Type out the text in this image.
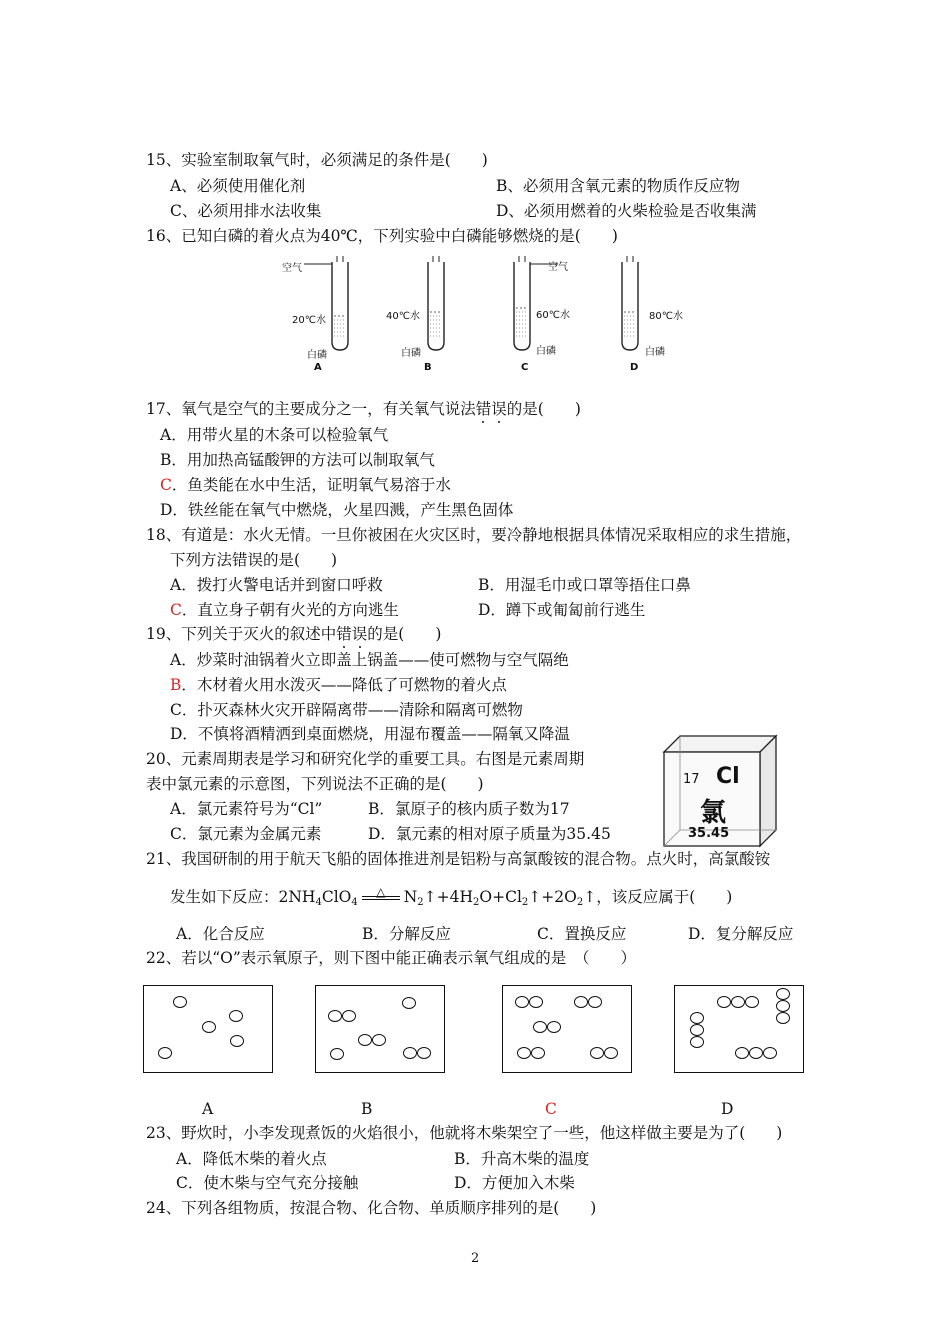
15、实验室制取氧气时，必须满足的条件是(　　)
A、必须使用催化剂	B、必须用含氧元素的物质作反应物
C、必须用排水法收集	D、必须用燃着的火柴检验是否收集满
16、已知白磷的着火点为40℃，下列实验中白磷能够燃烧的是(　　)
空气
20℃水
白磷
A
40℃水
白磷
B
空气
60℃水
白磷
C
80℃水
白磷
D
17、氧气是空气的主要成分之一，有关氧气说法错误的是(　　)
A．用带火星的木条可以检验氧气
B．用加热高锰酸钾的方法可以制取氧气
C．鱼类能在水中生活，证明氧气易溶于水
D．铁丝能在氧气中燃烧，火星四溅，产生黑色固体
18、有道是：水火无情。一旦你被困在火灾区时，要冷静地根据具体情况采取相应的求生措施，
下列方法错误的是(　　)
A．拨打火警电话并到窗口呼救	B．用湿毛巾或口罩等捂住口鼻
C．直立身子朝有火光的方向逃生	D．蹲下或匍匐前行逃生
19、下列关于灭火的叙述中错误的是(　　)
A．炒菜时油锅着火立即盖上锅盖——使可燃物与空气隔绝
B．木材着火用水泼灭——降低了可燃物的着火点
C．扑灭森林火灾开辟隔离带——清除和隔离可燃物
D．不慎将酒精洒到桌面燃烧，用湿布覆盖——隔氧又降温
20、元素周期表是学习和研究化学的重要工具。右图是元素周期
表中氯元素的示意图，下列说法不正确的是(　　)
A．氯元素符号为“Cl”	B．氯原子的核内质子数为17
C．氯元素为金属元素	D．氯元素的相对原子质量为35.45
17 Cl
氯
35.45
21、我国研制的用于航天飞船的固体推进剂是铝粉与高氯酸铵的混合物。点火时，高氯酸铵
发生如下反应：$2NH_4ClO_4\triangle$ $N_2↑+4H_2O+Cl_2↑+2O_2↑$，该反应属于(　　)
A．化合反应	B．分解反应	C．置换反应	D．复分解反应
22、若以“O”表示氧原子，则下图中能正确表示氧气组成的是　（　　）
A	B	C	D
23、野炊时，小李发现煮饭的火焰很小，他就将木柴架空了一些，他这样做主要是为了(　　)
A．降低木柴的着火点	B．升高木柴的温度
C．使木柴与空气充分接触	D．方便加入木柴
24、下列各组物质，按混合物、化合物、单质顺序排列的是(　　)
2
